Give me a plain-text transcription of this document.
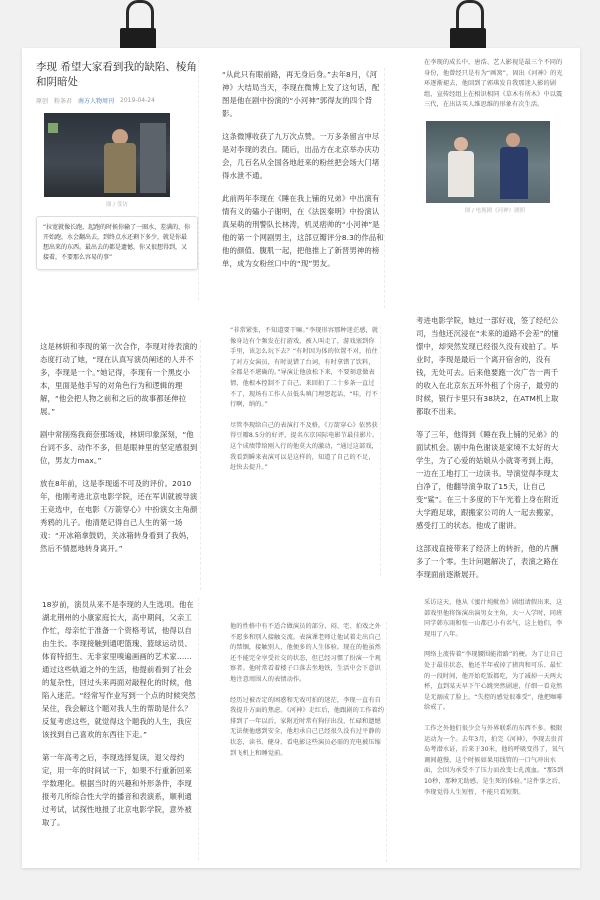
李现 希望大家看到我的缺陷、棱角和阴暗处
原创 粉条君 南方人物周刊 2019-04-24
图 / 受访
“拉宽就像长跑，起跑的时候你输了一圈水，差满的，你开始跑，水会翻出去，到终点水还剩下多少，就是你最想出来的东西。最出去的都是遗憾，你又很想得到，又接着，不要那么容易的事”

“从此只有眼前路，再无身后身。”去年8月，《河神》大结局当天，李现在微博上发了这句话，配图是他在剧中扮演的“小河神”郭得友的四个背影。

这条微博收获了九万次点赞。一万多条留言中尽是对李现的表白。随后，出品方在北京举办庆功会，几百名从全国各地赶来的粉丝把会场大门堵得水泄不通。

此前两年李现在《睡在我上铺的兄弟》中出演有情有义的磕小子谢明，在《法医秦明》中扮演认真呆萌的刑警队长林涛，机灵痞帅的“小河神”是他的第一个网剧男主，这部豆瓣评分8.3的作品和他的颜值、腹肌一起，把他推上了新晋男神的榜单，成为女粉丝口中的“现”男友。

在李现的成长中，唐浩、艺人影视是最三个不同的身份，他曾经只是有为“画窝”，固出《河神》的光环逐渐褪去，他回到了郭琪发自我那迷人影的剧组，宣传经组上在相识相同《草木有所木》中以震三代，在出话买人维思维的形象有次生活。

图 / 电视剧《河神》剧照

这是林妍和李现的第一次合作，李现对待表演的态度打动了她，“现在认真写演员阐述的人并不多，李现是一个。”她记得，李现有一个黑皮小本，里面是他手写的对角色行为和逻辑的理解，“他会把人物之前和之后的故事都延伸拉展。”

剧中常削殇我商奈那场戏，林妍印象深刻，“他台词不多、动作不多，但是眼神里的坚定感很到位，男友力max。”

放在8年前，这是李现遥不可及的评价。2010年，他刚考进北京电影学院，还在军训就被导演王竞选中，在电影《万箭穿心》中扮演女主角颜秀鸦的儿子。他清楚记得自己人生的第一场戏：“开冰箱拿鼓奶，关冰箱转身看到了我妈，然后不情愿地转身离开。”

“非常紧张，不知道要干嘛。”李现形容那种迷茫感，就像身边有个频发在打游戏，被人叫走了，游戏塞到你手里，该怎么玩下去？“有时因为体的位置不对，拍住了对方女演员，有时说错了台词，有时拿错了饮料，全都是不堪确的。”导演让他放松下来，不要刻意做表情，他根本控制不了自己，来回拍了二十多条一直过不了，现场有工作人员低头嗔门埋怨起话，“哇，行不行啊，纳的。”

尽管李现给自己的表演打不及格，《万箭穿心》依然获得豆瓣8.5分的好评，提名东京国际电影节最佳影片。这个成绩带给刚入行的他莫大的激动，“通过这部戏，我看到瞬来表演可以是这样的，知道了自己的不足，赶快去提升。”

考进电影学院，她过一部好戏，签了经纪公司，当他还沉浸在“未来的道路不会差”的憧憬中，却突然发现已经很久没有戏拍了。毕业时，李现是最后一个离开宿舍的，没有钱，无处可去。后来他要跑一次广告一两千的收入在北京东五环外租了个房子，最穷的时候，银行卡里只有38块2，在ATM机上取都取不出来。

等了三年，他得到《睡在我上铺的兄弟》的面试机会。剧中角色谢谈是家境不太好的大学生，为了心爱的姑娘从小就寄考到上海，一边在工地打工一边读书。导演觉得李现太白净了，他翻导演争取了15天，让自己变“鲨”。在三十多度的下午光着上身在附近大学跑足球，跟搬家公司的人一起去搬家，感受打工的状态。他成了谢讲。

这部戏直接带来了经济上的转折，他的片酬多了一个零。生计问题解决了，表演之路在李现面前逐渐展开。

18岁前，演员从来不是李现的人生选项。他在湖北荆州的小康家庭长大，高中期间，父亲工作忙，母亲忙于准备一个资格考试，他得以自由生长。李现接触到通吧篮瑰、篮球运动员、体育特招生、无非家里嗅遍画画的艺术家……通过这些轨道之外的生活，他提前看到了社会的复杂性，回过头来再面对敲程化的时候，他陷入迷茫。“经常写作业写到一个点的时候突然呆住，我会解这个题对我人生的帮助是什么？反复考虑这些，就觉得这个题我的人生，我应该找到自己喜欢的东西往下走。”

第一年高考之后，李现选择复读，退父母约定，用一年的时间试一下，如果不行重新回来学数理化。根据当时的兴趣和外形条件，李现报考几所综合性大学的播音和表演系，顺利通过考试，试探性地报了北京电影学院，意外被取了。

他的性格中有不适合做演员的部分，闷、宅、拍戏之外不愿多和别人接触交流。表演课老师让他试着走出自己的禁锢，接触别人，他便多的人生体验。现在的他虽然还不能完全享受社交的状态，但已经习惯了扮演一个观察者。他时常看着楼子口落去坐地铁，生活中会下意识地注意周围人的表情动作。

经历过被否定的困惑和无戏可拍的迷茫，李现一直有自我提升方面的焦虑。《河神》走红后，他跟剧的工作着约排到了一年以后，家附近时常有狗仔出没，忙碌和遗憾无法便他感到安全，他坦承自己已经很久没有过平静的状态，读书、健身、看电影这些演员必需的充电被压缩到飞机上和睡觉前。

采访这天，他从《蜜汁炖鱿鱼》剧组请假出来，这部戏里他将饰演出演男女主角，大一入学时，同班同学韩东雨和张一山都已小有名气，这上他们，李现用了八年。

网络上流传着“李现腰围能指路”的梗。为了让自己处于最佳状态，他还半年戒掉了猪肉和可乐、最忙的一段时间，他开始吃饭都吃，为了减掉一天两大杯，直到某天早下午心跳突然剧速，仔细一看竟然是无溺成了脸上，“失控的感觉很难受”，他把咖啡给戒了。

工作之外他们很少会与外界联系的东西不多。极限运动为一个。去年3月，拍完《河神》，李现去贵首岛考潜水证，后来于30米，他的呼吸变得了，氧气调间越慢，这个时候如果用线管的一口气冲出水面，会因为承受不了压力而改变七孔流血。“那5到10秒，那种无助感，是生死的体验。”这件事之后，李现觉得人生短暂，不能只看短期。
